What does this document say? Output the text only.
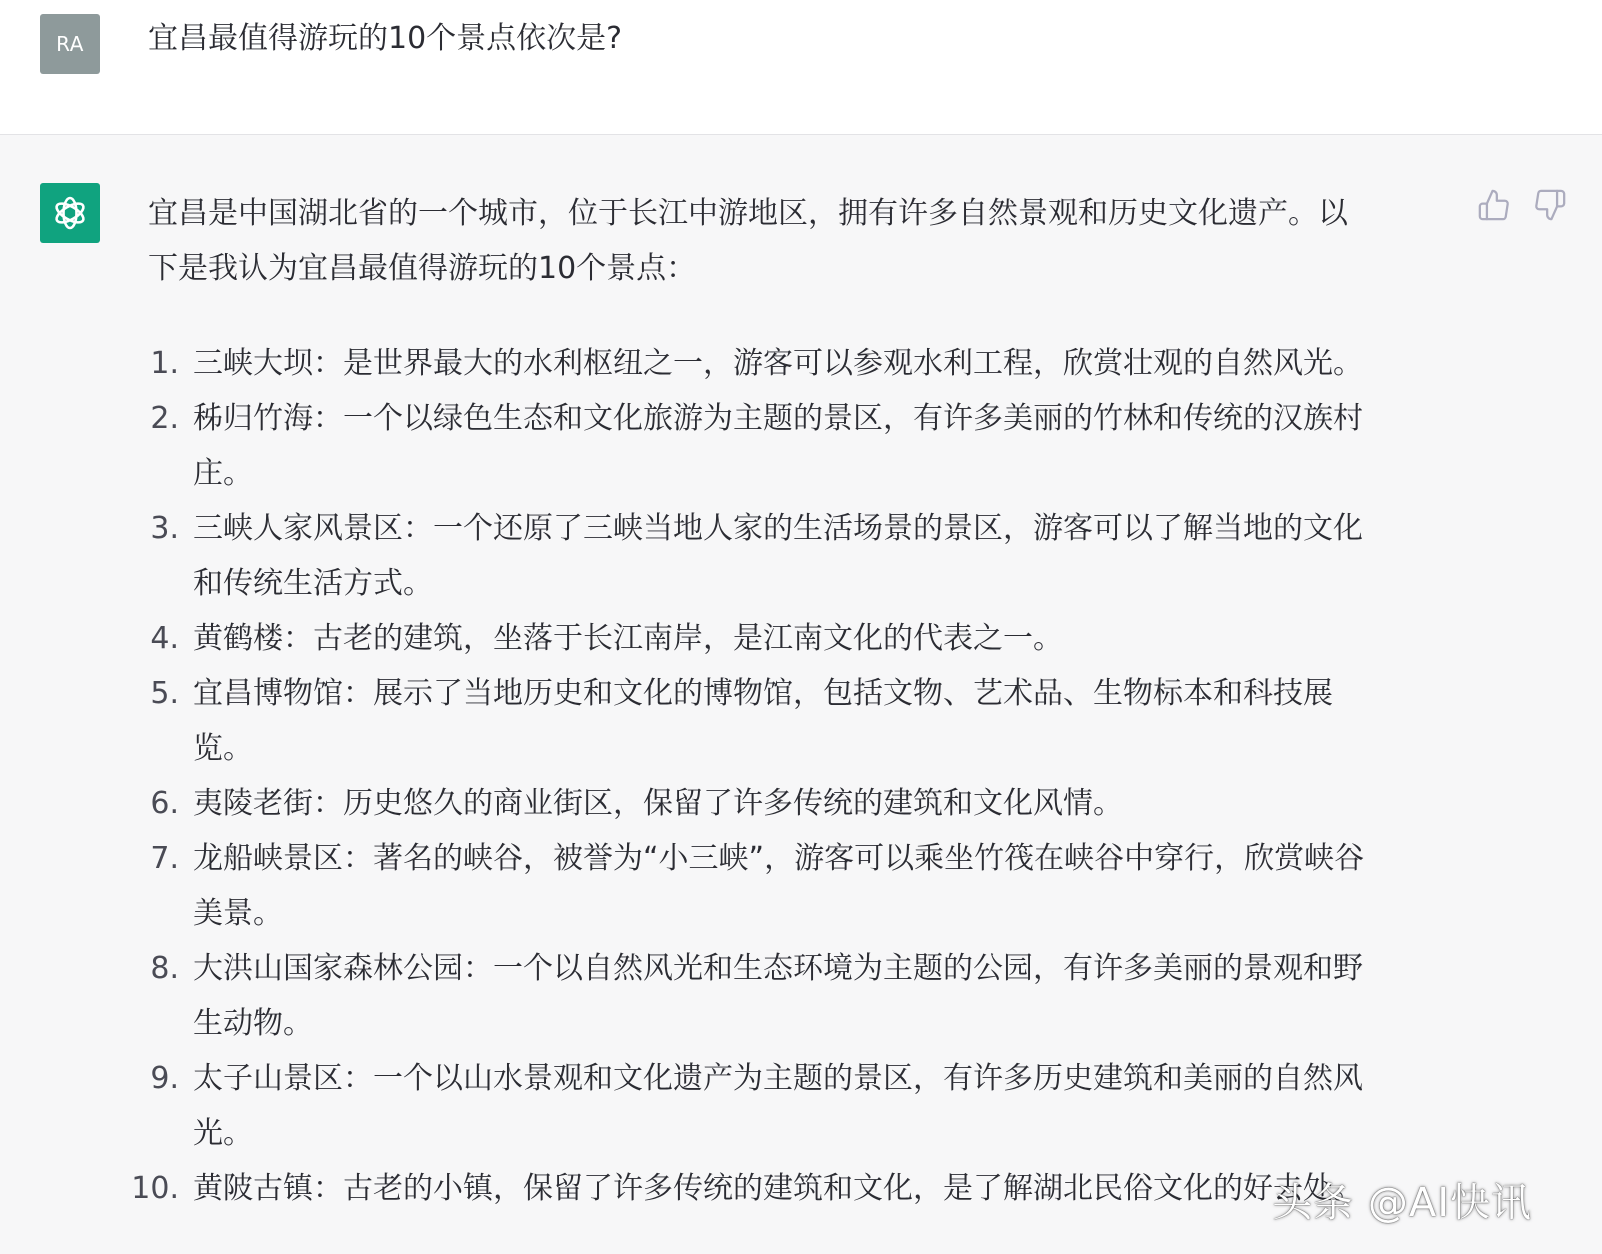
RA 宜昌最值得游玩的10个景点依次是?

宜昌是中国湖北省的一个城市，位于长江中游地区，拥有许多自然景观和历史文化遗产。以
下是我认为宜昌最值得游玩的10个景点：

1. 三峡大坝：是世界最大的水利枢纽之一，游客可以参观水利工程，欣赏壮观的自然风光。
2. 秭归竹海：一个以绿色生态和文化旅游为主题的景区，有许多美丽的竹林和传统的汉族村
庄。
3. 三峡人家风景区：一个还原了三峡当地人家的生活场景的景区，游客可以了解当地的文化
和传统生活方式。
4. 黄鹤楼：古老的建筑，坐落于长江南岸，是江南文化的代表之一。
5. 宜昌博物馆：展示了当地历史和文化的博物馆，包括文物、艺术品、生物标本和科技展
览。
6. 夷陵老街：历史悠久的商业街区，保留了许多传统的建筑和文化风情。
7. 龙船峡景区：著名的峡谷，被誉为“小三峡”，游客可以乘坐竹筏在峡谷中穿行，欣赏峡谷
美景。
8. 大洪山国家森林公园：一个以自然风光和生态环境为主题的公园，有许多美丽的景观和野
生动物。
9. 太子山景区：一个以山水景观和文化遗产为主题的景区，有许多历史建筑和美丽的自然风
光。
10. 黄陂古镇：古老的小镇，保留了许多传统的建筑和文化，是了解湖北民俗文化的好去处。
头条 @AI快讯
